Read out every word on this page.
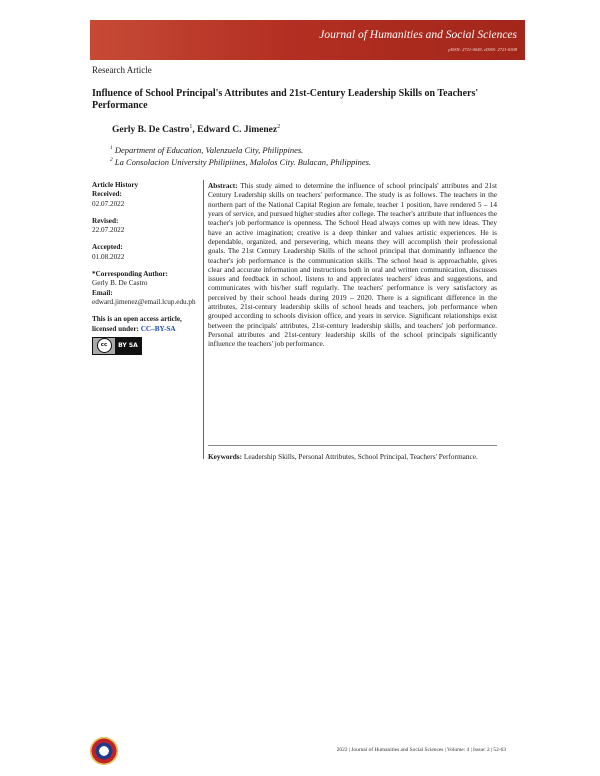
Journal of Humanities and Social Sciences
pISSN: 2721-0049, eISSN: 2721-0308
Research Article
Influence of School Principal's Attributes and 21st-Century Leadership Skills on Teachers' Performance
Gerly B. De Castro$^1$, Edward C. Jimenez$^2$
$^1$ Department of Education, Valenzuela City, Philippines.
$^2$ La Consolacion University Philipiines, Malolos City. Bulacan, Philippines.
Article History
Received:
02.07.2022
Revised:
22.07.2022
Accepted:
01.08.2022
*Corresponding Author:
Gerly B. De Castro
Email:
edward.jimenez@email.lcup.edu.ph
This is an open access article, licensed under: CC–BY-SA
cc	BY SA
Abstract: This study aimed to determine the influence of school principals' attributes and 21st Century Leadership skills on teachers' performance. The study is as follows. The teachers in the northern part of the National Capital Region are female, teacher 1 position, have rendered 5 – 14 years of service, and pursued higher studies after college. The teacher's attribute that influences the teacher's job performance is openness. The School Head always comes up with new ideas. They have an active imagination; creative is a deep thinker and values artistic experiences. He is dependable, organized, and persevering, which means they will accomplish their professional goals. The 21st Century Leadership Skills of the school principal that dominantly influence the teacher's job performance is the communication skills. The school head is approachable, gives clear and accurate information and instructions both in oral and written communication, discusses issues and feedback in school, listens to and appreciates teachers' ideas and suggestions, and communicates with his/her staff regularly. The teachers' performance is very satisfactory as perceived by their school heads during 2019 – 2020. There is a significant difference in the attributes, 21st-century leadership skills of school heads and teachers, job performance when grouped according to schools division office, and years in service. Significant relationships exist between the principals' attributes, 21st-century leadership skills, and teachers' job performance. Personal attributes and 21st-century leadership skills of the school principals significantly influence the teachers' job performance.
Keywords: Leadership Skills, Personal Attributes, School Principal, Teachers' Performance.
2022 | Journal of Humanities and Social Sciences | Volume: 4 | Issue: 2 | 52-63
